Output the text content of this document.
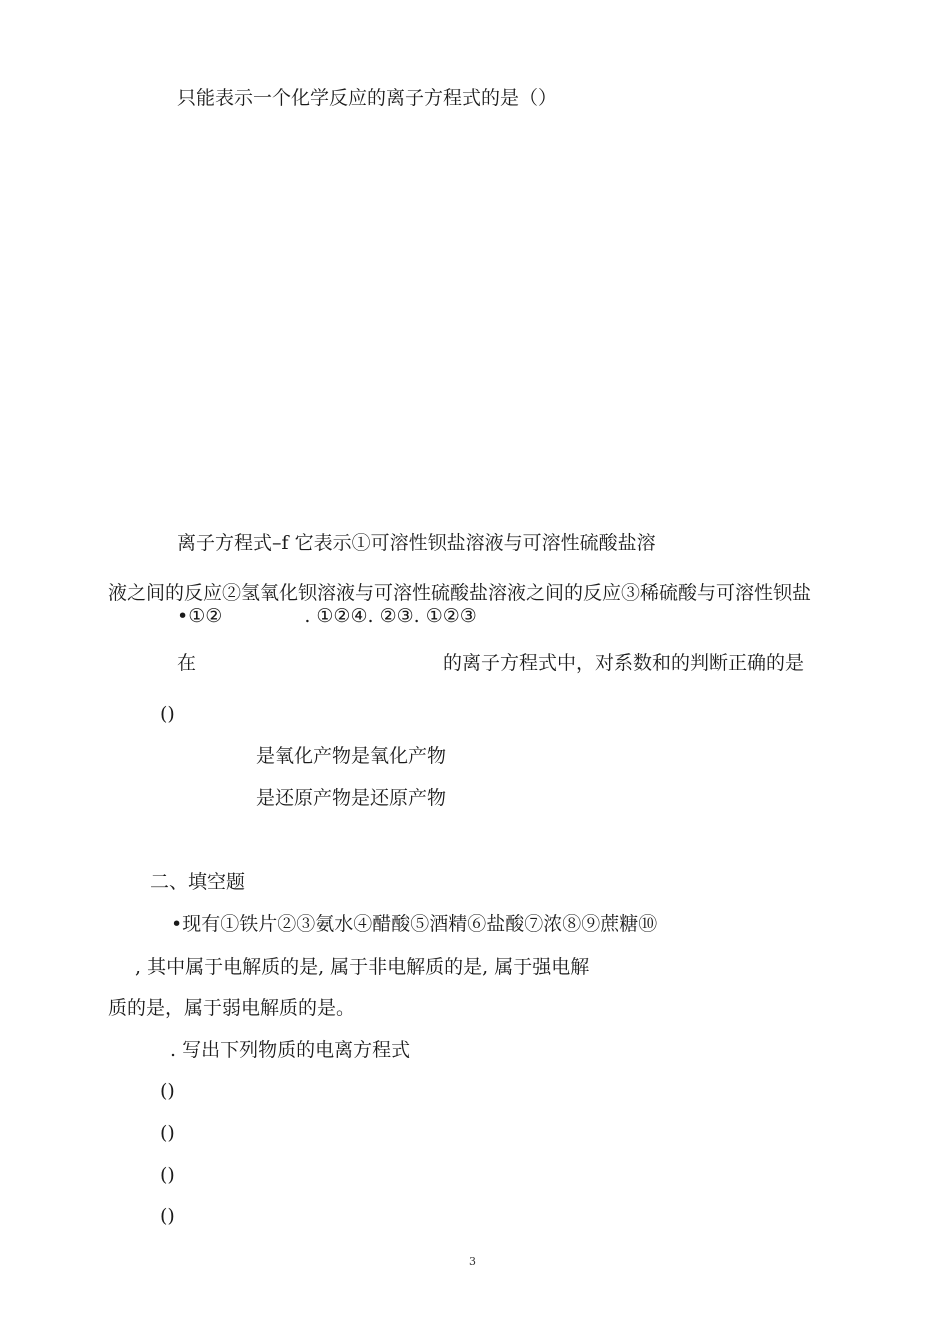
只能表示一个化学反应的离子方程式的是（）
离子方程式–f 它表示①可溶性钡盐溶液与可溶性硫酸盐溶
液之间的反应②氢氧化钡溶液与可溶性硫酸盐溶液之间的反应③稀硫酸与可溶性钡盐
•①②　　　　 . ①②④. ②③. ①②③
在	的离子方程式中，对系数和的判断正确的是
()
是氧化产物是氧化产物
是还原产物是还原产物
二、填空题
•现有①铁片②③氨水④醋酸⑤酒精⑥盐酸⑦浓⑧⑨蔗糖⑩
, 其中属于电解质的是, 属于非电解质的是, 属于强电解
质的是，属于弱电解质的是。
. 写出下列物质的电离方程式
()
()
()
()
3
